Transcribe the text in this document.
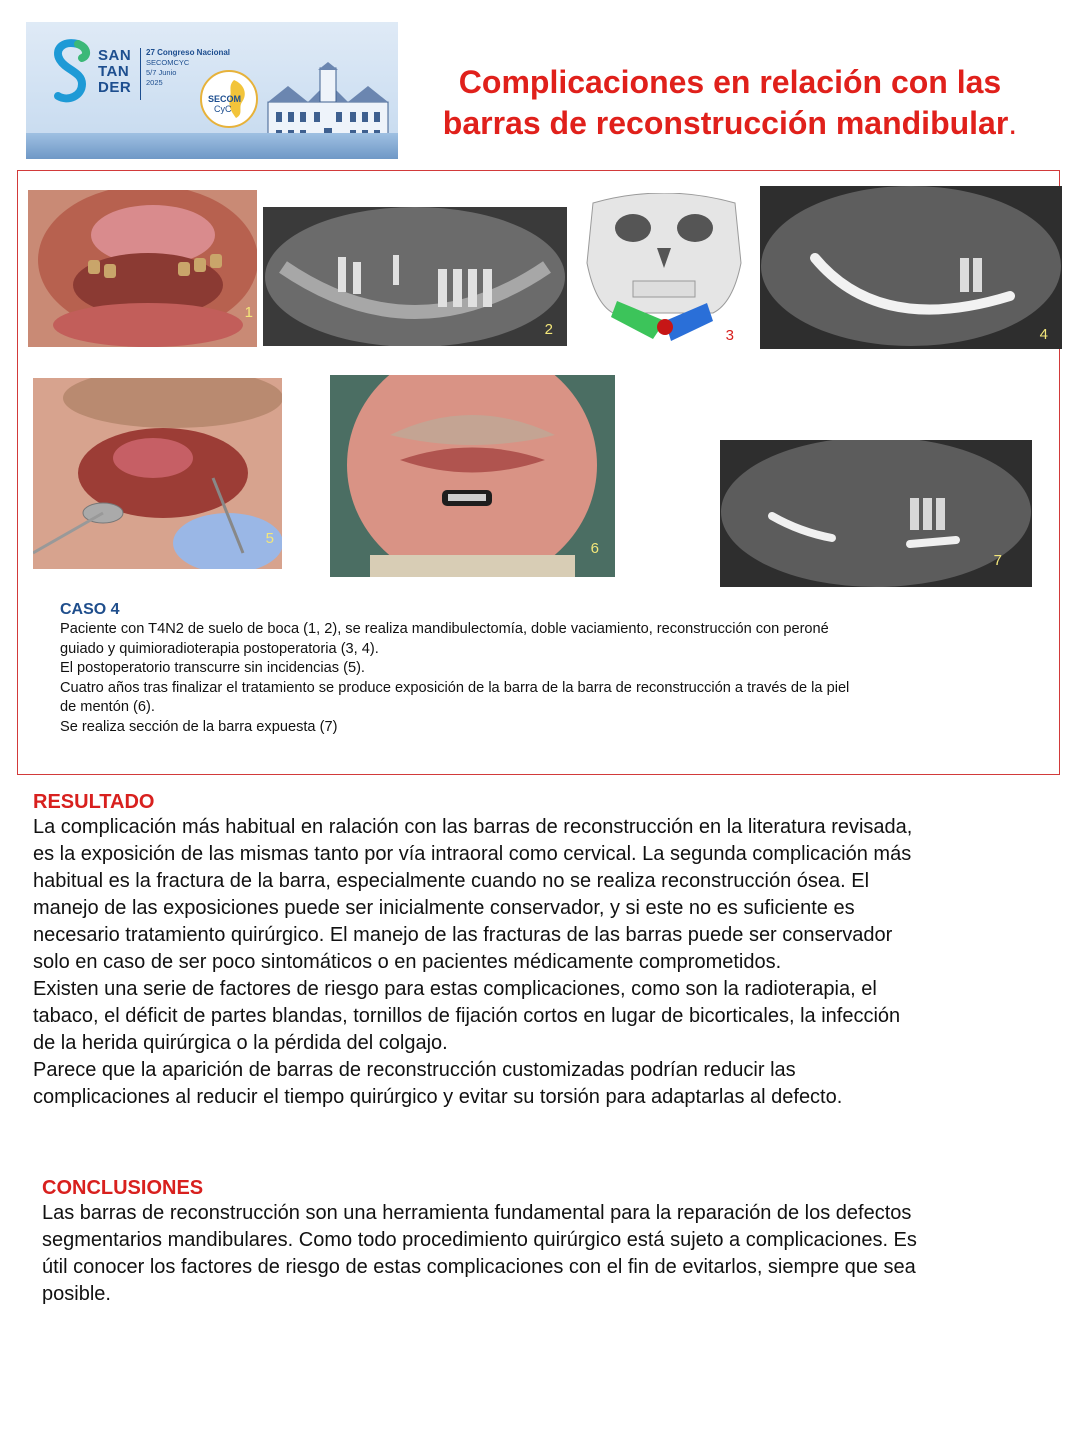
SAN
TAN
DER
27 Congreso Nacional
SECOMCYC
5/7 Junio
2025
SECOM
CyC
Complicaciones en relación con las
barras de reconstrucción mandibular.
1
2	3	4
5
6
7
CASO 4
Paciente con T4N2 de suelo de boca (1, 2), se realiza mandibulectomía, doble vaciamiento, reconstrucción con peroné
guiado y quimioradioterapia postoperatoria (3, 4).
El postoperatorio transcurre sin incidencias (5).
Cuatro años tras finalizar el tratamiento se produce exposición de la barra de la barra de reconstrucción a través de la piel
de mentón (6).
Se realiza sección de la barra expuesta (7)
RESULTADO

La complicación más habitual en ralación con las barras de reconstrucción en la literatura revisada,

es la exposición de las mismas tanto por vía intraoral como cervical. La segunda complicación más

habitual es la fractura de la barra, especialmente cuando no se realiza reconstrucción ósea. El

manejo de las exposiciones puede ser inicialmente conservador, y si este no es suficiente es

necesario tratamiento quirúrgico. El manejo de las fracturas de las barras puede ser conservador

solo en caso de ser poco sintomáticos o en pacientes médicamente comprometidos.

Existen una serie de factores de riesgo para estas complicaciones, como son la radioterapia, el

tabaco, el déficit de partes blandas, tornillos de fijación cortos en lugar de bicorticales, la infección

de la herida quirúrgica o la pérdida del colgajo.

Parece que la aparición de barras de reconstrucción customizadas podrían reducir las

complicaciones al reducir el tiempo quirúrgico y evitar su torsión para adaptarlas al defecto.

CONCLUSIONES

Las barras de reconstrucción son una herramienta fundamental para la reparación de los defectos

segmentarios mandibulares. Como todo procedimiento quirúrgico está sujeto a complicaciones. Es

útil conocer los factores de riesgo de estas complicaciones con el fin de evitarlos, siempre que sea

posible.
